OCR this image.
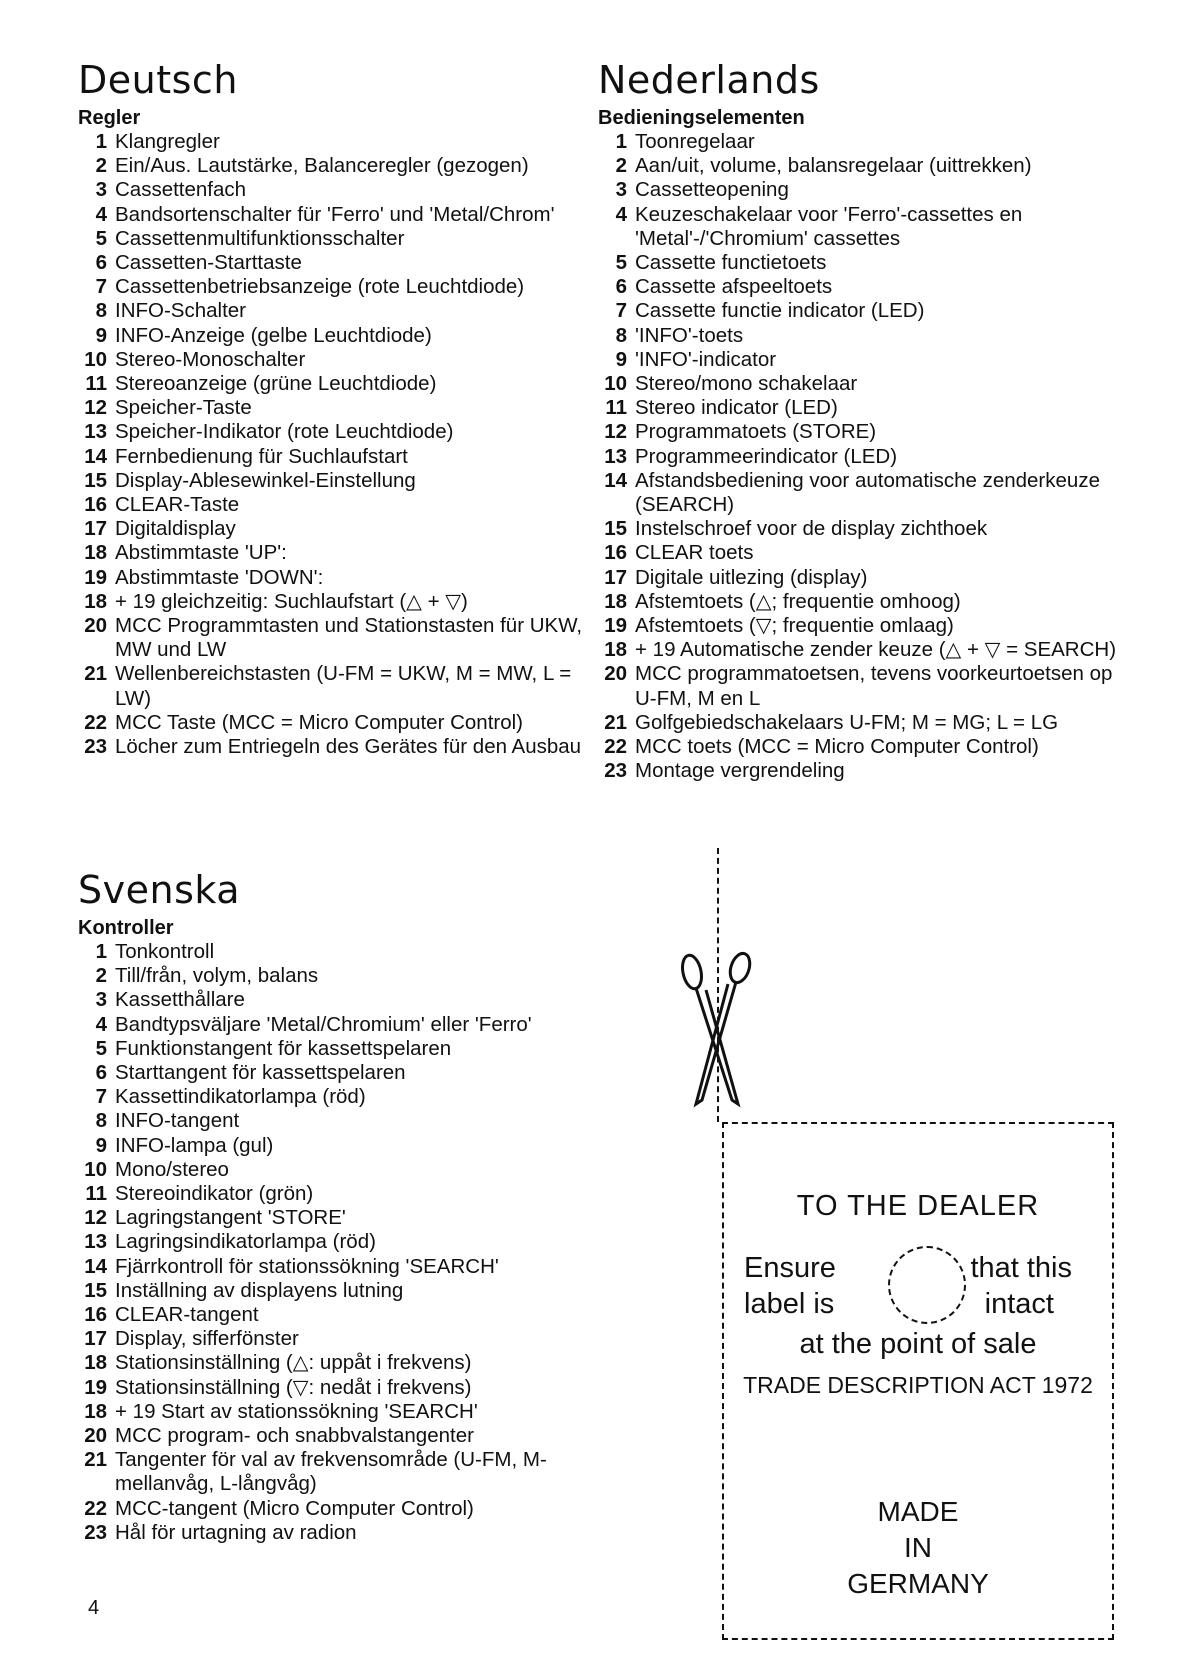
Deutsch
Regler
1 Klangregler
2 Ein/Aus. Lautstärke, Balanceregler (gezogen)
3 Cassettenfach
4 Bandsortenschalter für 'Ferro' und 'Metal/Chrom'
5 Cassettenmultifunktionsschalter
6 Cassetten-Starttaste
7 Cassettenbetriebsanzeige (rote Leuchtdiode)
8 INFO-Schalter
9 INFO-Anzeige (gelbe Leuchtdiode)
10 Stereo-Monoschalter
11 Stereoanzeige (grüne Leuchtdiode)
12 Speicher-Taste
13 Speicher-Indikator (rote Leuchtdiode)
14 Fernbedienung für Suchlaufstart
15 Display-Ablesewinkel-Einstellung
16 CLEAR-Taste
17 Digitaldisplay
18 Abstimmtaste 'UP':
19 Abstimmtaste 'DOWN':
18 + 19 gleichzeitig: Suchlaufstart (△ + ▽)
20 MCC Programmtasten und Stationstasten für UKW, MW und LW
21 Wellenbereichstasten (U-FM = UKW, M = MW, L = LW)
22 MCC Taste (MCC = Micro Computer Control)
23 Löcher zum Entriegeln des Gerätes für den Ausbau
Nederlands
Bedieningselementen
1 Toonregelaar
2 Aan/uit, volume, balansregelaar (uittrekken)
3 Cassetteopening
4 Keuzeschakelaar voor 'Ferro'-cassettes en 'Metal'-/'Chromium' cassettes
5 Cassette functietoets
6 Cassette afspeeltoets
7 Cassette functie indicator (LED)
8 'INFO'-toets
9 'INFO'-indicator
10 Stereo/mono schakelaar
11 Stereo indicator (LED)
12 Programmatoets (STORE)
13 Programmeerindicator (LED)
14 Afstandsbediening voor automatische zenderkeuze (SEARCH)
15 Instelschroef voor de display zichthoek
16 CLEAR toets
17 Digitale uitlezing (display)
18 Afstemtoets (△; frequentie omhoog)
19 Afstemtoets (▽; frequentie omlaag)
18 + 19 Automatische zender keuze (△ + ▽ = SEARCH)
20 MCC programmatoetsen, tevens voorkeurtoetsen op U-FM, M en L
21 Golfgebiedschakelaars U-FM; M = MG; L = LG
22 MCC toets (MCC = Micro Computer Control)
23 Montage vergrendeling
Svenska
Kontroller
1 Tonkontroll
2 Till/från, volym, balans
3 Kassetthållare
4 Bandtypsväljare 'Metal/Chromium' eller 'Ferro'
5 Funktionstangent för kassettspelaren
6 Starttangent för kassettspelaren
7 Kassettindikatorlampa (röd)
8 INFO-tangent
9 INFO-lampa (gul)
10 Mono/stereo
11 Stereoindikator (grön)
12 Lagringstangent 'STORE'
13 Lagringsindikatorlampa (röd)
14 Fjärrkontroll för stationssökning 'SEARCH'
15 Inställning av displayens lutning
16 CLEAR-tangent
17 Display, sifferfönster
18 Stationsinställning (△: uppåt i frekvens)
19 Stationsinställning (▽: nedåt i frekvens)
18 + 19 Start av stationssökning 'SEARCH'
20 MCC program- och snabbvalstangenter
21 Tangenter för val av frekvensområde (U-FM, M-mellanvåg, L-långvåg)
22 MCC-tangent (Micro Computer Control)
23 Hål för urtagning av radion
4
TO THE DEALER
Ensure
label is
that this
intact
at the point of sale
TRADE DESCRIPTION ACT 1972
MADE
IN
GERMANY
